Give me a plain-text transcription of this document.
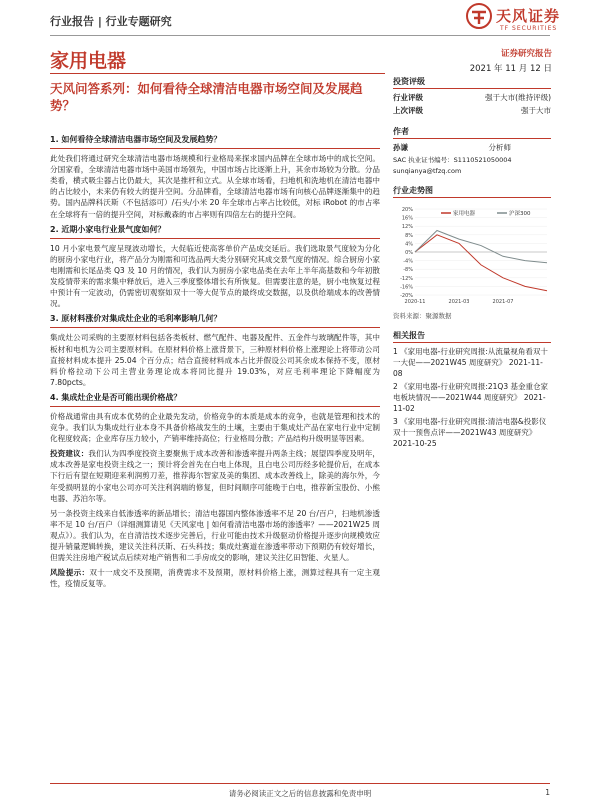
行业报告 | 行业专题研究	天风证券
TF SECURITIES
家用电器	证券研究报告
2021 年 11 月 12 日
天风问答系列：如何看待全球清洁电器市场空间及发展趋势？
1. 如何看待全球清洁电器市场空间及发展趋势？

此处我们将通过研究全球清洁电器市场规模和行业格局来探求国内品牌在全球市场中的成长空间。分国家看，全球清洁电器市场中美国市场领先，中国市场占比逐渐上升，其余市场较为分散。分品类看，横式吸尘器占比仍最大，其次是推杆和立式。从全球市场看，扫地机和洗地机在清洁电器中的占比较小，未来仍有较大的提升空间。分品牌看，全球清洁电器市场有向核心品牌逐渐集中的趋势。国内品牌科沃斯（不包括添可）/石头/小米 20 年全球市占率占比较低，对标 iRobot 的市占率在全球将有一倍的提升空间，对标戴森的市占率则有四倍左右的提升空间。

2. 近期小家电行业景气度如何？

10 月小家电景气度呈现波动增长，大促临近使高客单价产品成交延后。我们选取景气度较为分化的厨房小家电行业，将产品分为刚需和可选品两大类分别研究其成交景气度的情况。综合厨房小家电刚需和长尾品类 Q3 及 10 月的情况，我们认为厨房小家电品类在去年上半年高基数和今年初散发疫情带来的需求集中释放后，进入三季度整体增长有所恢复。但需要注意的是，厨小电恢复过程中预计有一定波动，仍需密切观察如双十一等大促节点的最终成交数据，以及供给端成本的改善情况。

3. 原材料涨价对集成灶企业的毛利率影响几何？

集成灶公司采购的主要原材料包括各类板材、燃气配件、电器及配件、五金件与玻璃配件等，其中板材和电机为公司主要原材料。在原材料价格上涨背景下，三种原材料价格上涨理论上将带动公司直接材料成本提升 25.04 个百分点；结合直接材料成本占比并假设公司其余成本保持不变，原材料价格拉动下公司主营业务理论成本将同比提升 19.03%，对应毛利率理论下降幅度为 7.80pcts。

4. 集成灶企业是否可能出现价格战？

价格战通常由具有成本优势的企业最先发动，价格竞争的本质是成本的竞争，也就是管理和技术的竞争。我们认为集成灶行业本身不具备价格战发生的土壤，主要由于集成灶产品在家电行业中定制化程度较高；企业库存压力较小，产销率维持高位；行业格局分散；产品结构升级明显等因素。

投资建议：我们认为四季度投资主要聚焦于成本改善和渗透率提升两条主线；展望四季度及明年，成本改善是家电投资主线之一；预计将会首先在白电上体现，且白电公司历经多轮提价后，在成本下行后有望在短期迎来利润剪刀差，推荐海尔智家及美的集团、成本改善线上，除美的海尔外，今年受损明显的小家电公司亦可关注利润端的修复，但时间顺序可能晚于白电，推荐新宝股份、小熊电器、苏泊尔等。

另一条投资主线来自低渗透率的新品增长；清洁电器国内整体渗透率不足 20 台/百户，扫地机渗透率不足 10 台/百户（详细测算请见《天风家电 | 如何看清洁电器市场的渗透率？——2021W25 周观点》）。我们认为，在自清洁技术逐步完善后，行业可能由技术升级驱动价格提升逐步向规模效应提升销量逻辑转换，建议关注科沃斯、石头科技；集成灶赛道在渗透率带动下预期仍有较好增长，但需关注房地产税试点后续对地产销售和二手房成交的影响，建议关注亿田智能、火星人。

风险提示：双十一成交不及预期，消费需求不及预期，原材料价格上涨，测算过程具有一定主观性，疫情反复等。

投资评级
行业评级	强于大市(维持评级)
上次评级	强于大市
作者
孙谦	分析师
SAC 执业证书编号：S1110521050004
sunqianya@tfzq.com
行业走势图
20%
16%
12%
8%
4%
0%
-4%
-8%
-12%
-16%
-20%
2020-11	2021-03	2021-07
家用电器	沪深300
资料来源：聚源数据
相关报告
1 《家用电器-行业研究周报:从流量视角看双十一大促——2021W45 周度研究》 2021-11-08
2 《家用电器-行业研究周报:21Q3 基金重仓家电板块情况——2021W44 周度研究》 2021-11-02
3 《家用电器-行业研究周报:清洁电器&投影仪双十一预售点评——2021W43 周度研究》 2021-10-25
请务必阅读正文之后的信息披露和免责申明	1
